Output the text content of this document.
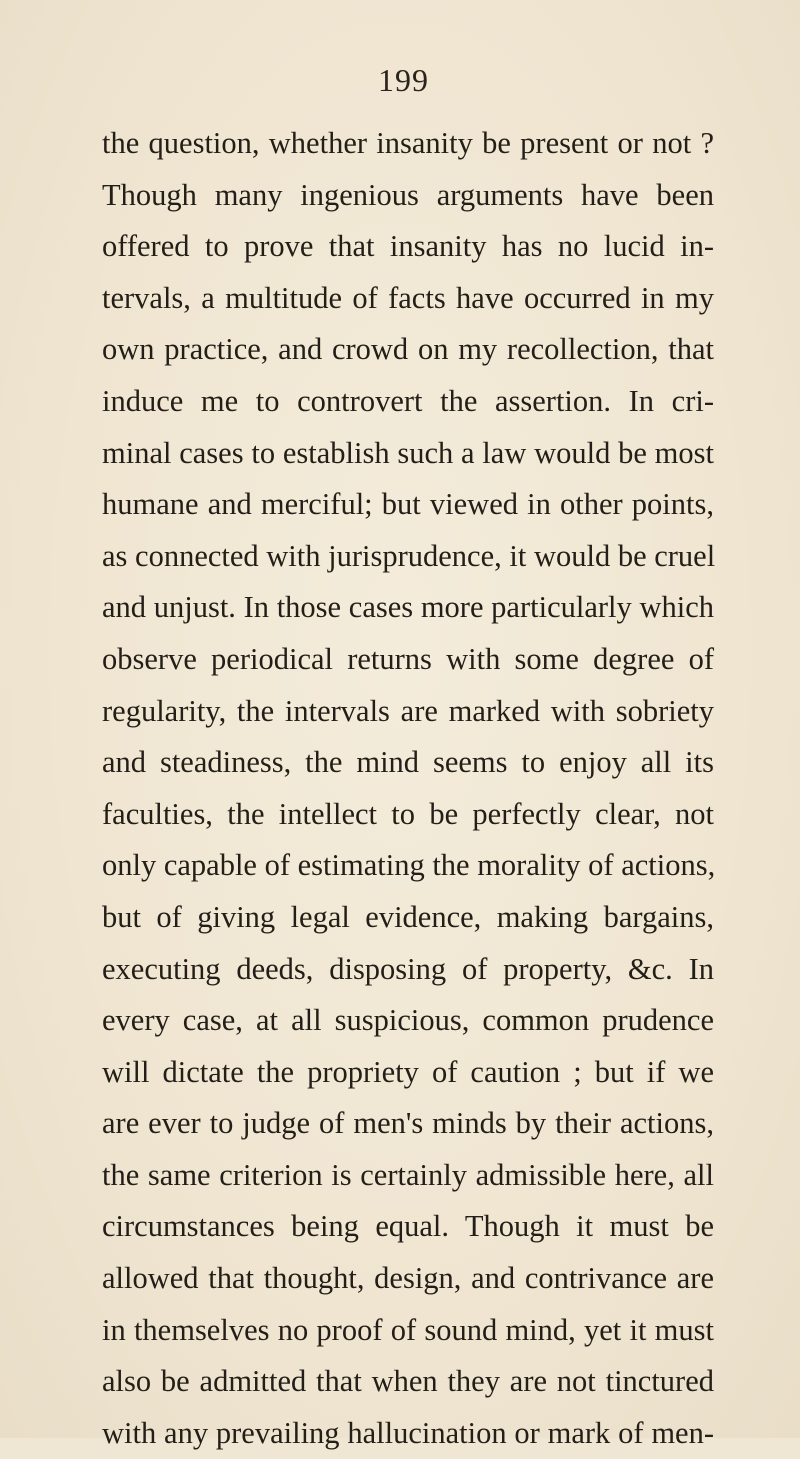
199
the question, whether insanity be present or not ?
Though many ingenious arguments have been
offered to prove that insanity has no lucid in-
tervals, a multitude of facts have occurred in my
own practice, and crowd on my recollection, that
induce me to controvert the assertion. In cri-
minal cases to establish such a law would be most
humane and merciful; but viewed in other points,
as connected with jurisprudence, it would be cruel
and unjust. In those cases more particularly which
observe periodical returns with some degree of
regularity, the intervals are marked with sobriety
and steadiness, the mind seems to enjoy all its
faculties, the intellect to be perfectly clear, not
only capable of estimating the morality of actions,
but of giving legal evidence, making bargains,
executing deeds, disposing of property, &c. In
every case, at all suspicious, common prudence
will dictate the propriety of caution ; but if we
are ever to judge of men's minds by their actions,
the same criterion is certainly admissible here, all
circumstances being equal. Though it must be
allowed that thought, design, and contrivance are
in themselves no proof of sound mind, yet it must
also be admitted that when they are not tinctured
with any prevailing hallucination or mark of men-
